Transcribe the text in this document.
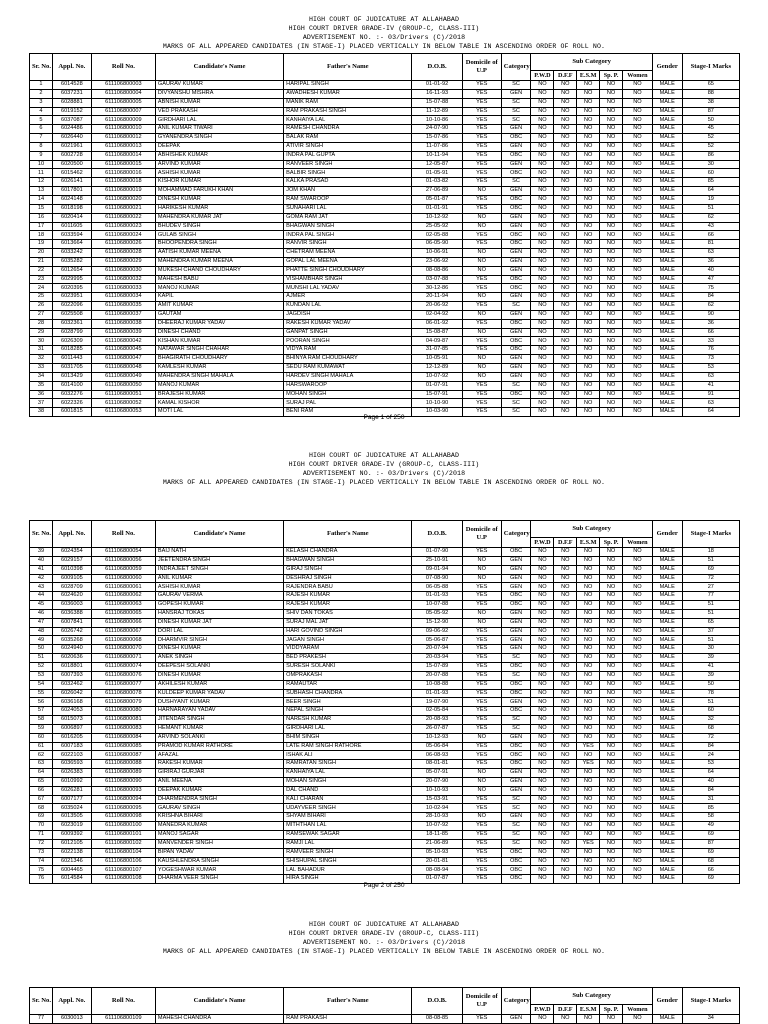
HIGH COURT OF JUDICATURE AT ALLAHABAD
HIGH COURT DRIVER GRADE-IV (GROUP-C, CLASS-III)
ADVERTISEMENT NO. :- 03/Drivers (C)/2018
MARKS OF ALL APPEARED CANDIDATES (IN STAGE-I) PLACED VERTICALLY IN BELOW TABLE IN ASCENDING ORDER OF ROLL NO.
Sr. No.	Appl. No.	Roll No.	Candidate's Name	Father's Name	D.O.B.	Domicile of U.P	Category	Sub Category					Gender	Stage-I Marks
								P.W.D	D.F.F	E.S.M	Sp. P.	Women		
1	6014528	611106800003	GAURAV KUMAR	HARIPAL SINGH	01-01-92	YES	SC	NO	NO	NO	NO	NO	MALE	65
2	6037231	611106800004	DIVYANSHU MISHRA	AWADHESH KUMAR	16-11-93	YES	GEN	NO	NO	NO	NO	NO	MALE	88
3	6028881	611106800005	ABNISH KUMAR	MANIK RAM	15-07-88	YES	SC	NO	NO	NO	NO	NO	MALE	38
4	6019152	611106800007	VED PRAKASH	RAM PRAKASH SINGH	11-12-89	YES	SC	NO	NO	NO	NO	NO	MALE	87
5	6037087	611106800009	GIRDHARI LAL	KANHAIYA LAL	10-10-86	YES	SC	NO	NO	NO	NO	NO	MALE	50
6	6024486	611106800010	ANIL KUMAR TIWARI	RAMESH CHANDRA	24-07-90	YES	GEN	NO	NO	NO	NO	NO	MALE	45
7	6026440	611106800012	GYANENDRA SINGH	BALAK RAM	15-07-86	YES	OBC	NO	NO	NO	NO	NO	MALE	52
8	6021961	611106800013	DEEPAK	ATIVIR SINGH	11-07-86	YES	GEN	NO	NO	NO	NO	NO	MALE	52
9	6002728	611106800014	ABHISHEK KUMAR	INDRA PAL GUPTA	10-11-94	YES	OBC	NO	NO	NO	NO	NO	MALE	86
10	6020500	611106800015	ARVIND KUMAR	RANVEER SINGH	12-05-87	YES	GEN	NO	NO	NO	NO	NO	MALE	30
11	6015462	611106800016	ASHISH KUMAR	BALBIR SINGH	01-05-91	YES	OBC	NO	NO	NO	NO	NO	MALE	60
12	6026141	611106800018	KISHOR KUMAR	KALKA PRASAD	01-03-82	YES	SC	NO	NO	NO	NO	NO	MALE	85
13	6017801	611106800019	MOHAMMAD FARUKH KHAN	JOM KHAN	27-06-89	NO	GEN	NO	NO	NO	NO	NO	MALE	64
14	6024148	611106800020	DINESH KUMAR	RAM SWAROOP	05-01-87	YES	OBC	NO	NO	NO	NO	NO	MALE	19
15	6018198	611106800021	HARIKESH KUMAR	SUNAHARI LAL	01-01-91	YES	OBC	NO	NO	NO	NO	NO	MALE	51
16	6020414	611106800022	MAHENDRA KUMAR JAT	GOMA RAM JAT	10-12-92	NO	GEN	NO	NO	NO	NO	NO	MALE	62
17	6011605	611106800023	BHUDEV SINGH	BHAGWAN SINGH	25-05-92	NO	GEN	NO	NO	NO	NO	NO	MALE	43
18	6033594	611106800024	GULAB SINGH	INDRA PAL SINGH	02-05-88	YES	OBC	NO	NO	NO	NO	NO	MALE	66
19	6013664	611106800026	BHOOPENDRA SINGH	RANVIR SINGH	06-05-90	YES	OBC	NO	NO	NO	NO	NO	MALE	81
20	6033242	611106800028	AATISH KUMAR MEENA	CHETRAM MEENA	10-06-91	NO	GEN	NO	NO	NO	NO	NO	MALE	63
21	6035282	611106800029	MAHENDRA KUMAR MEENA	GOPAL LAL MEENA	23-06-92	NO	GEN	NO	NO	NO	NO	NO	MALE	36
22	6012654	611106800030	MUKESH CHAND CHOUDHARY	PHATTE SINGH CHOUDHARY	08-08-86	NO	GEN	NO	NO	NO	NO	NO	MALE	40
23	6029995	611106800032	MAHESH BABU	VISHAMBHAR SINGH	03-07-88	YES	OBC	NO	NO	NO	NO	NO	MALE	47
24	6020395	611106800033	MANOJ KUMAR	MUNSHI LAL YADAV	30-12-86	YES	OBC	NO	NO	NO	NO	NO	MALE	75
25	6023951	611106800034	KAPIL	AJMER	20-11-94	NO	GEN	NO	NO	NO	NO	NO	MALE	84
26	6022096	611106800035	AMIT KUMAR	KUNDAN LAL	20-06-92	YES	SC	NO	NO	NO	NO	NO	MALE	62
27	6025508	611106800037	GAUTAM	JAGDISH	02-04-92	NO	GEN	NO	NO	NO	NO	NO	MALE	90
28	6032361	611106800038	DHEERAJ KUMAR YADAV	RAKESH KUMAR YADAV	06-01-92	YES	OBC	NO	NO	NO	NO	NO	MALE	36
29	6028799	611106800039	DINESH CHAND	GANPAT SINGH	15-08-87	NO	GEN	NO	NO	NO	NO	NO	MALE	66
30	6026309	611106800042	KISHAN KUMAR	POORAN SINGH	04-09-87	YES	OBC	NO	NO	NO	NO	NO	MALE	33
31	6018285	611106800045	NATAWAR SINGH CHAHAR	VIDYA RAM	31-07-85	YES	OBC	NO	NO	NO	NO	NO	MALE	76
32	6011443	611106800047	BHAGIRATH CHOUDHARY	BHINYA RAM CHOUDHARY	10-05-91	NO	GEN	NO	NO	NO	NO	NO	MALE	73
33	6031705	611106800048	KAMLESH KUMAR	SEDU RAM KUMAWAT	12-12-89	NO	GEN	NO	NO	NO	NO	NO	MALE	53
34	6013429	611106800049	MAHENDRA SINGH MAHALA	HARDEV SINGH MAHALA	10-07-92	NO	GEN	NO	NO	NO	NO	NO	MALE	63
35	6014100	611106800050	MANOJ KUMAR	HARSWAROOP	01-07-91	YES	SC	NO	NO	NO	NO	NO	MALE	41
36	6032276	611106800051	BRAJESH KUMAR	MOHAN SINGH	15-07-91	YES	OBC	NO	NO	NO	NO	NO	MALE	91
37	6022326	611106800052	KAMAL KISHOR	SURAJ PAL	10-10-90	YES	SC	NO	NO	NO	NO	NO	MALE	63
38	6001815	611106800053	MOTI LAL	BENI RAM	10-03-90	YES	SC	NO	NO	NO	NO	NO	MALE	64
Page 1 of 250
HIGH COURT OF JUDICATURE AT ALLAHABAD
HIGH COURT DRIVER GRADE-IV (GROUP-C, CLASS-III)
ADVERTISEMENT NO. :- 03/Drivers (C)/2018
MARKS OF ALL APPEARED CANDIDATES (IN STAGE-I) PLACED VERTICALLY IN BELOW TABLE IN ASCENDING ORDER OF ROLL NO.
Sr. No.	Appl. No.	Roll No.	Candidate's Name	Father's Name	D.O.B.	Domicile of U.P	Category	Sub Category					Gender	Stage-I Marks
								P.W.D	D.F.F	E.S.M	Sp. P.	Women		
39	6024354	611106800054	BAIJ NATH	KELASH CHANDRA	01-07-90	YES	OBC	NO	NO	NO	NO	NO	MALE	18
40	6029157	611106800056	JEETENDRA SINGH	BHAGWAN SINGH	25-10-91	NO	GEN	NO	NO	NO	NO	NO	MALE	51
41	6010398	611106800059	INDRAJEET SINGH	GIRAJ SINGH	09-01-94	NO	GEN	NO	NO	NO	NO	NO	MALE	69
42	6009105	611106800060	ANIL KUMAR	DESHRAJ SINGH	07-08-90	NO	GEN	NO	NO	NO	NO	NO	MALE	72
43	6028709	611106800061	ASHISH KUMAR	RAJENDRA BABU	06-05-88	YES	GEN	NO	NO	NO	NO	NO	MALE	27
44	6024620	611106800062	GAURAV VERMA	RAJESH KUMAR	01-01-93	YES	OBC	NO	NO	NO	NO	NO	MALE	77
45	6036003	611106800063	GOPESH KUMAR	RAJESH KUMAR	10-07-88	YES	OBC	NO	NO	NO	NO	NO	MALE	51
46	6036388	611106800065	HANSRAJ TOKAS	SHIV DAN TOKAS	05-05-92	NO	GEN	NO	NO	NO	NO	NO	MALE	51
47	6007841	611106800066	DINESH KUMAR JAT	SURAJ MAL JAT	15-12-90	NO	GEN	NO	NO	NO	NO	NO	MALE	65
48	6026742	611106800067	DORI LAL	HARI GOVIND SINGH	09-06-92	YES	GEN	NO	NO	NO	NO	NO	MALE	37
49	6035268	611106800068	DHARMVIR SINGH	JAGAN SINGH	05-06-87	YES	GEN	NO	NO	NO	NO	NO	MALE	51
50	6024940	611106800070	DINESH KUMAR	VIDDYARAM	20-07-94	YES	GEN	NO	NO	NO	NO	NO	MALE	30
51	6020636	611106800071	ANEK SINGH	BED PRAKESH	20-03-94	YES	SC	NO	NO	NO	NO	NO	MALE	39
52	6018801	611106800074	DEEPESH SOLANKI	SURESH SOLANKI	15-07-89	YES	OBC	NO	NO	NO	NO	NO	MALE	41
53	6007393	611106800076	DINESH KUMAR	OMPRAKASH	20-07-88	YES	SC	NO	NO	NO	NO	NO	MALE	39
54	6032462	611106800077	AKHILESH KUMAR	RAMAUTAR	10-08-88	YES	OBC	NO	NO	NO	NO	NO	MALE	50
55	6026042	611106800078	KULDEEP KUMAR YADAV	SUBHASH CHANDRA	01-01-93	YES	OBC	NO	NO	NO	NO	NO	MALE	78
56	6036168	611106800079	DUSHYANT KUMAR	BEER SINGH	19-07-90	YES	GEN	NO	NO	NO	NO	NO	MALE	51
57	6024053	611106800080	HARNARAYAN YADAV	NEPAL SINGH	02-05-84	YES	OBC	NO	NO	NO	NO	NO	MALE	60
58	6015073	611106800081	JITENDAR SINGH	NARESH KUMAR	20-08-93	YES	SC	NO	NO	NO	NO	NO	MALE	32
59	6006897	611106800083	HEMANT KUMAR	GIRDHARI LAL	26-07-87	YES	SC	NO	NO	NO	NO	NO	MALE	68
60	6016205	611106800084	ARVIND SOLANKI	BHIM SINGH	10-12-93	NO	GEN	NO	NO	NO	NO	NO	MALE	72
61	6007183	611106800085	PRAMOD KUMAR RATHORE	LATE RAM SINGH RATHORE	05-06-84	YES	OBC	NO	NO	YES	NO	NO	MALE	84
62	6022103	611106800087	AFAZAL	ISHAK ALI	06-08-93	YES	OBC	NO	NO	NO	NO	NO	MALE	24
63	6036593	611106800088	RAKESH KUMAR	RAMRATAN SINGH	08-01-81	YES	OBC	NO	NO	YES	NO	NO	MALE	53
64	6026383	611106800089	GIRIRAJ GURJAR	KANHAIYA LAL	05-07-91	NO	GEN	NO	NO	NO	NO	NO	MALE	64
65	6010992	611106800090	ANIL MEENA	MOHAN SINGH	20-07-90	NO	GEN	NO	NO	NO	NO	NO	MALE	40
66	6026281	611106800093	DEEPAK KUMAR	DAL CHAND	10-10-93	NO	GEN	NO	NO	NO	NO	NO	MALE	84
67	6007177	611106800094	DHARMENDRA SINGH	KALI CHARAN	15-03-91	YES	SC	NO	NO	NO	NO	NO	MALE	31
68	6035024	611106800095	GAURAV SINGH	UDAYVEER SINGH	10-02-94	YES	SC	NO	NO	NO	NO	NO	MALE	85
69	6013505	611106800098	KRISHNA BIHARI	SHYAM BIHARI	28-10-93	NO	GEN	NO	NO	NO	NO	NO	MALE	58
70	6023019	611106800100	MANEDRA KUMAR	MITHTHAN LAL	10-07-92	YES	SC	NO	NO	NO	NO	NO	MALE	49
71	6009392	611106800101	MANOJ SAGAR	RAMSEWAK SAGAR	18-11-85	YES	SC	NO	NO	NO	NO	NO	MALE	69
72	6012105	611106800102	MANVENDER SINGH	RAMJI LAL	21-06-89	YES	SC	NO	NO	YES	NO	NO	MALE	87
73	6022138	611106800104	BIPAN YADAV	RAMVEER SINGH	05-10-93	YES	OBC	NO	NO	NO	NO	NO	MALE	69
74	6021346	611106800106	KAUSHLENDRA SINGH	SHISHUPAL SINGH	20-01-81	YES	OBC	NO	NO	NO	NO	NO	MALE	68
75	6004465	611106800107	YOGESHWAR KUMAR	LAL BAHADUR	08-08-94	YES	OBC	NO	NO	NO	NO	NO	MALE	66
76	6014584	611106800108	DHARMA VEER SINGH	HIRA SINGH	01-07-87	YES	OBC	NO	NO	NO	NO	NO	MALE	69
Page 2 of 250
HIGH COURT OF JUDICATURE AT ALLAHABAD
HIGH COURT DRIVER GRADE-IV (GROUP-C, CLASS-III)
ADVERTISEMENT NO. :- 03/Drivers (C)/2018
MARKS OF ALL APPEARED CANDIDATES (IN STAGE-I) PLACED VERTICALLY IN BELOW TABLE IN ASCENDING ORDER OF ROLL NO.
Sr. No.	Appl. No.	Roll No.	Candidate's Name	Father's Name	D.O.B.	Domicile of U.P	Category	Sub Category					Gender	Stage-I Marks
								P.W.D	D.F.F	E.S.M	Sp. P.	Women		
77	6030013	611106800109	MAHESH CHANDRA	RAM PRAKASH	08-08-85	YES	GEN	NO	NO	NO	NO	NO	MALE	34
